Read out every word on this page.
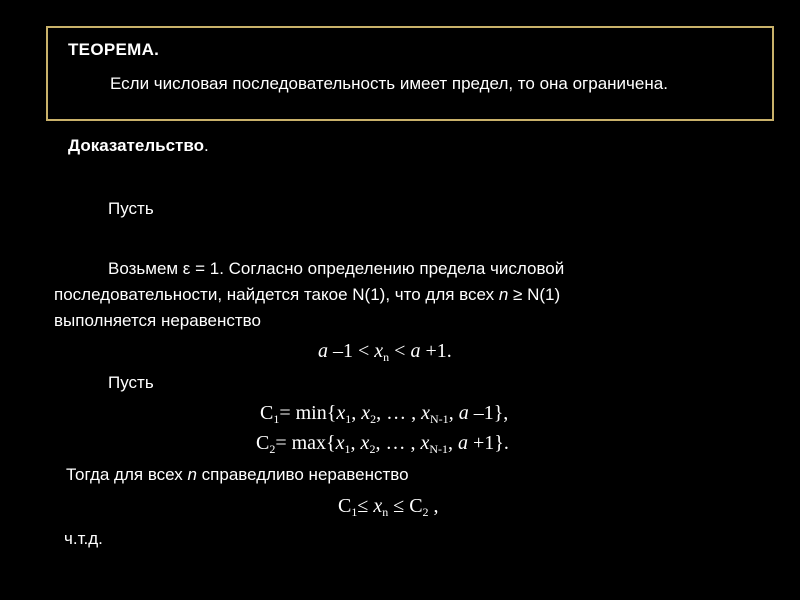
ТЕОРЕМА.
Если числовая последовательность имеет предел, то она ограничена.
Доказательство.
Пусть
Возьмем ε = 1. Согласно определению предела числовой
последовательности, найдется такое N(1), что для всех n ≥ N(1)
выполняется неравенство
a $-1 < x_n < a +1$.
Пусть
$C_1= \min\{x_1$, $x_2$, … , $x_{N-1}$, a –1},
$C_2= \max\{x_1$, $x_2$, … , $x_{N-1}$, a +1}.
Тогда для всех n справедливо неравенство
$C_1\le x_n \le C_2$ ,
ч.т.д.
